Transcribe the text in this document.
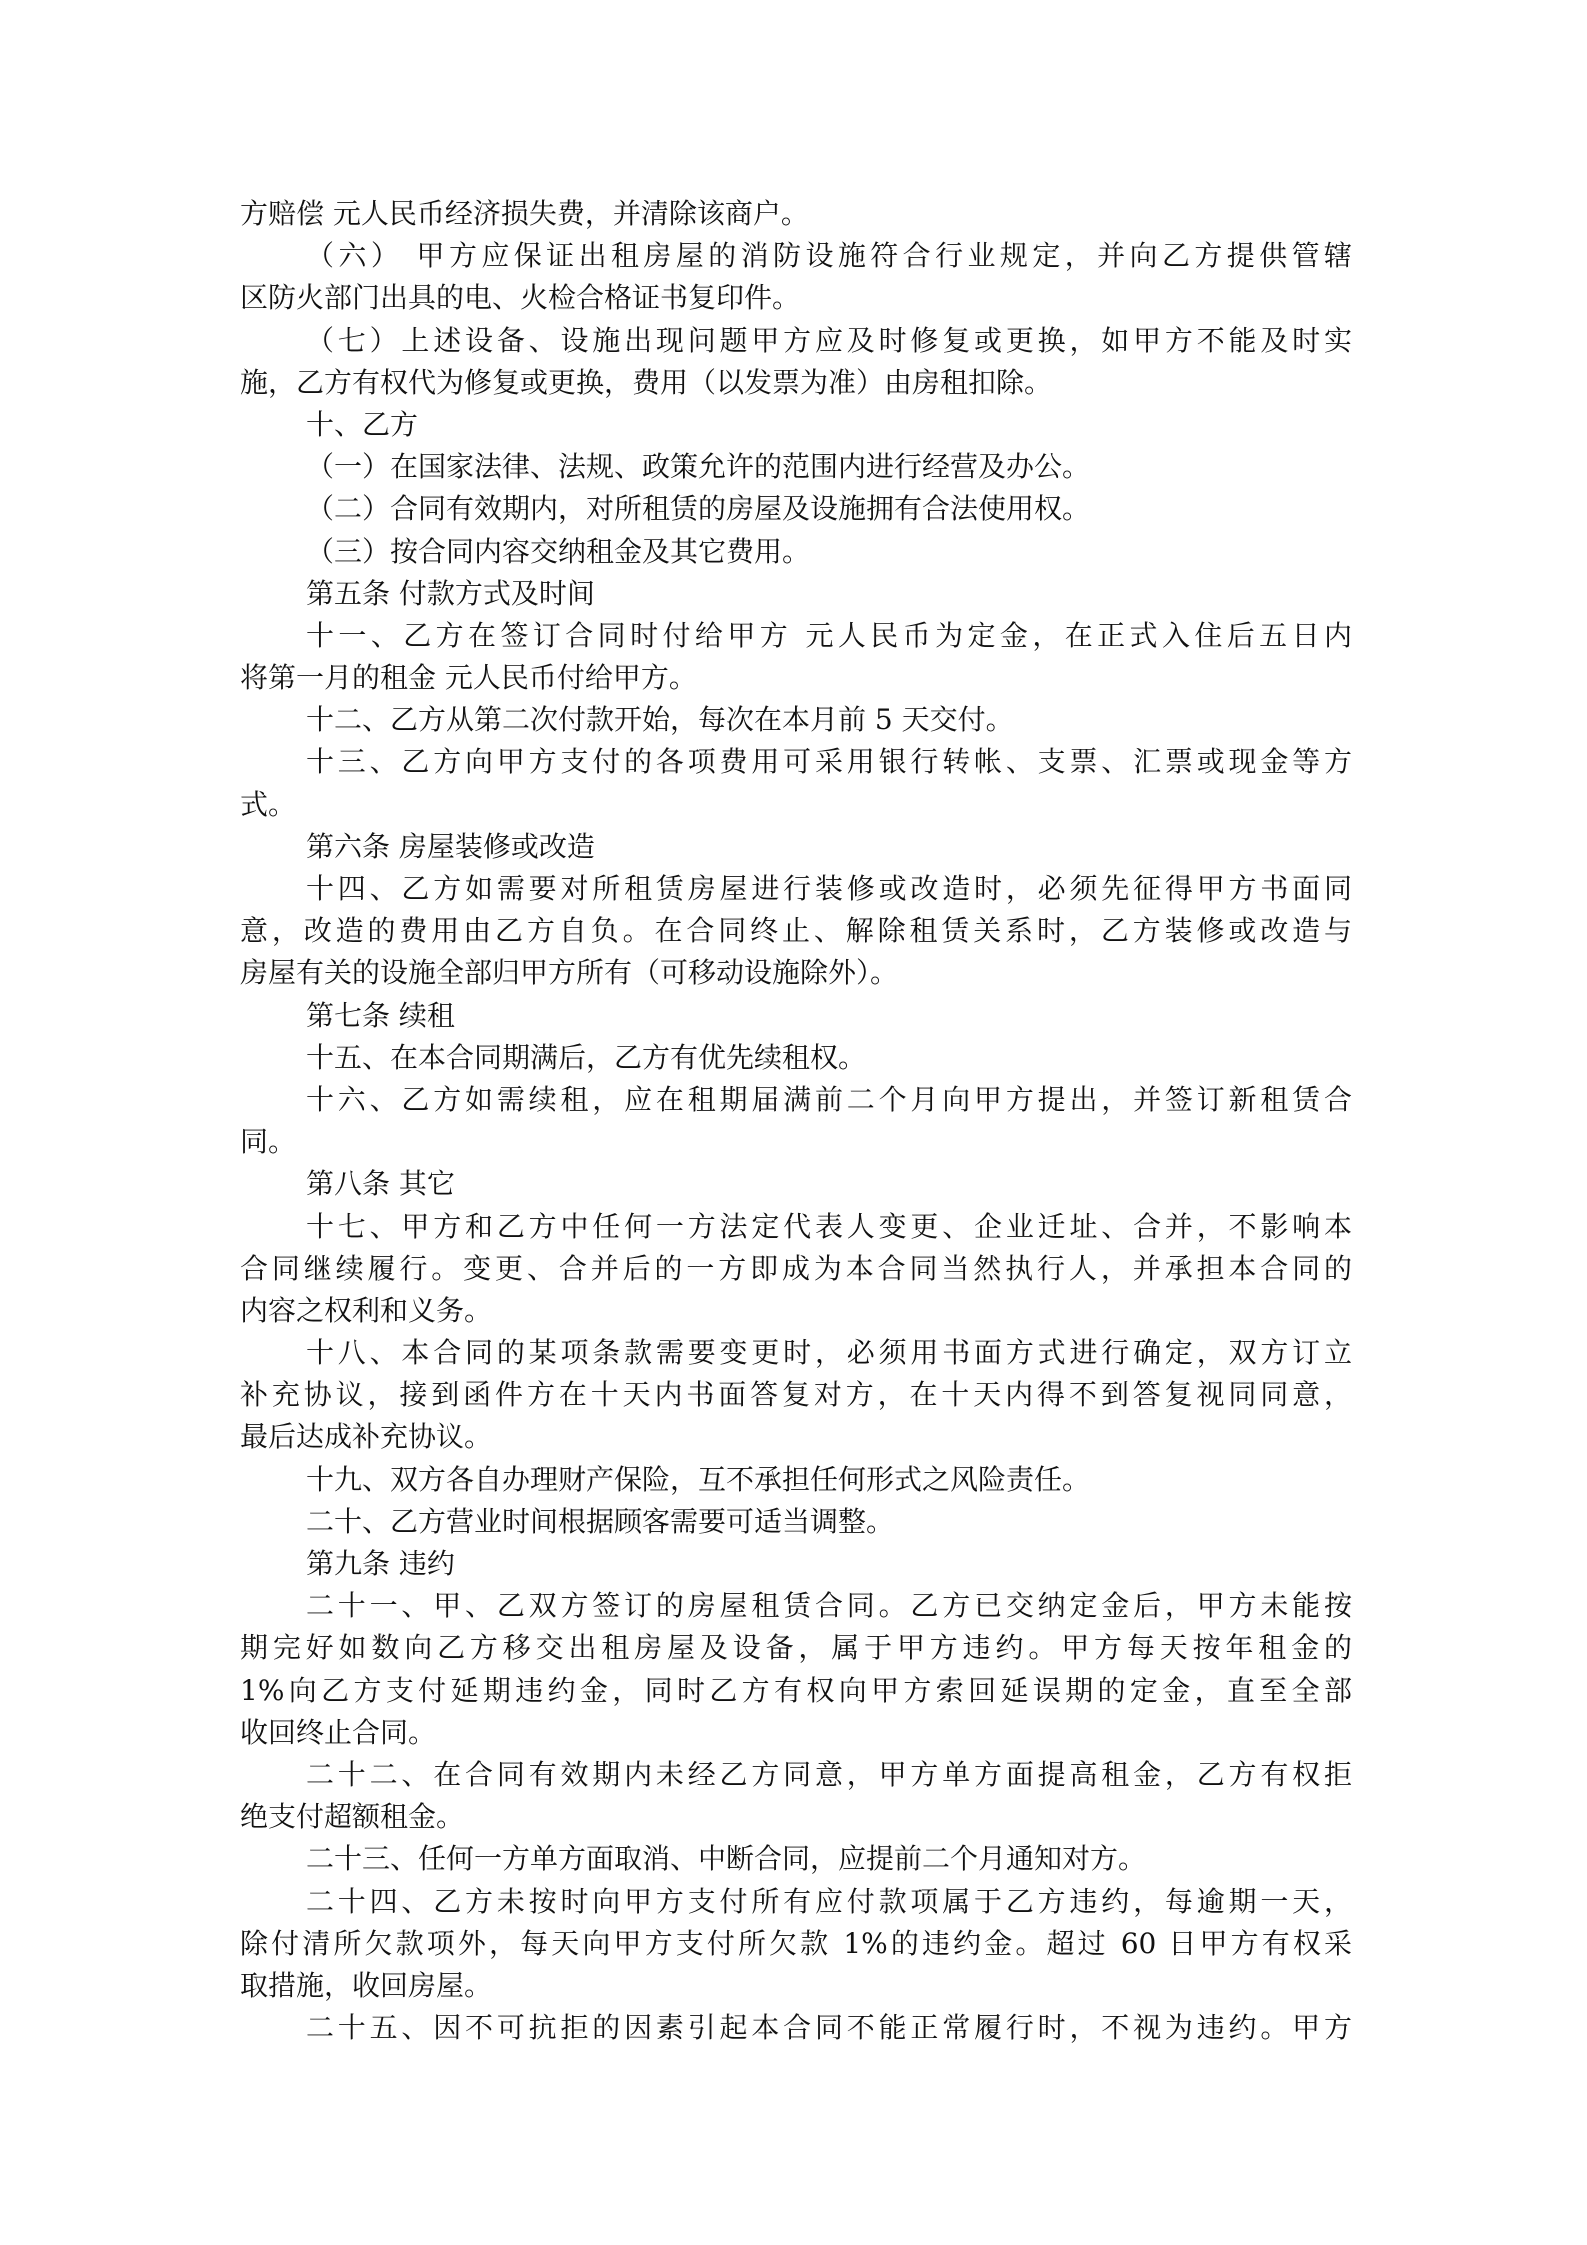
方赔偿 元人民币经济损失费，并清除该商户。
（六） 甲方应保证出租房屋的消防设施符合行业规定，并向乙方提供管辖
区防火部门出具的电、火检合格证书复印件。
（七）上述设备、设施出现问题甲方应及时修复或更换，如甲方不能及时实
施，乙方有权代为修复或更换，费用（以发票为准）由房租扣除。
十、乙方
（一）在国家法律、法规、政策允许的范围内进行经营及办公。
（二）合同有效期内，对所租赁的房屋及设施拥有合法使用权。
（三）按合同内容交纳租金及其它费用。
第五条 付款方式及时间
十一、乙方在签订合同时付给甲方 元人民币为定金，在正式入住后五日内
将第一月的租金 元人民币付给甲方。
十二、乙方从第二次付款开始，每次在本月前 5 天交付。
十三、乙方向甲方支付的各项费用可采用银行转帐、支票、汇票或现金等方
式。
第六条 房屋装修或改造
十四、乙方如需要对所租赁房屋进行装修或改造时，必须先征得甲方书面同
意，改造的费用由乙方自负。在合同终止、解除租赁关系时，乙方装修或改造与
房屋有关的设施全部归甲方所有（可移动设施除外）。
第七条 续租
十五、在本合同期满后，乙方有优先续租权。
十六、乙方如需续租，应在租期届满前二个月向甲方提出，并签订新租赁合
同。
第八条 其它
十七、甲方和乙方中任何一方法定代表人变更、企业迁址、合并，不影响本
合同继续履行。变更、合并后的一方即成为本合同当然执行人，并承担本合同的
内容之权利和义务。
十八、本合同的某项条款需要变更时，必须用书面方式进行确定，双方订立
补充协议，接到函件方在十天内书面答复对方，在十天内得不到答复视同同意，
最后达成补充协议。
十九、双方各自办理财产保险，互不承担任何形式之风险责任。
二十、乙方营业时间根据顾客需要可适当调整。
第九条 违约
二十一、甲、乙双方签订的房屋租赁合同。乙方已交纳定金后，甲方未能按
期完好如数向乙方移交出租房屋及设备，属于甲方违约。甲方每天按年租金的
1%向乙方支付延期违约金，同时乙方有权向甲方索回延误期的定金，直至全部
收回终止合同。
二十二、在合同有效期内未经乙方同意，甲方单方面提高租金，乙方有权拒
绝支付超额租金。
二十三、任何一方单方面取消、中断合同，应提前二个月通知对方。
二十四、乙方未按时向甲方支付所有应付款项属于乙方违约，每逾期一天，
除付清所欠款项外，每天向甲方支付所欠款 1%的违约金。超过 60 日甲方有权采
取措施，收回房屋。
二十五、因不可抗拒的因素引起本合同不能正常履行时，不视为违约。甲方
